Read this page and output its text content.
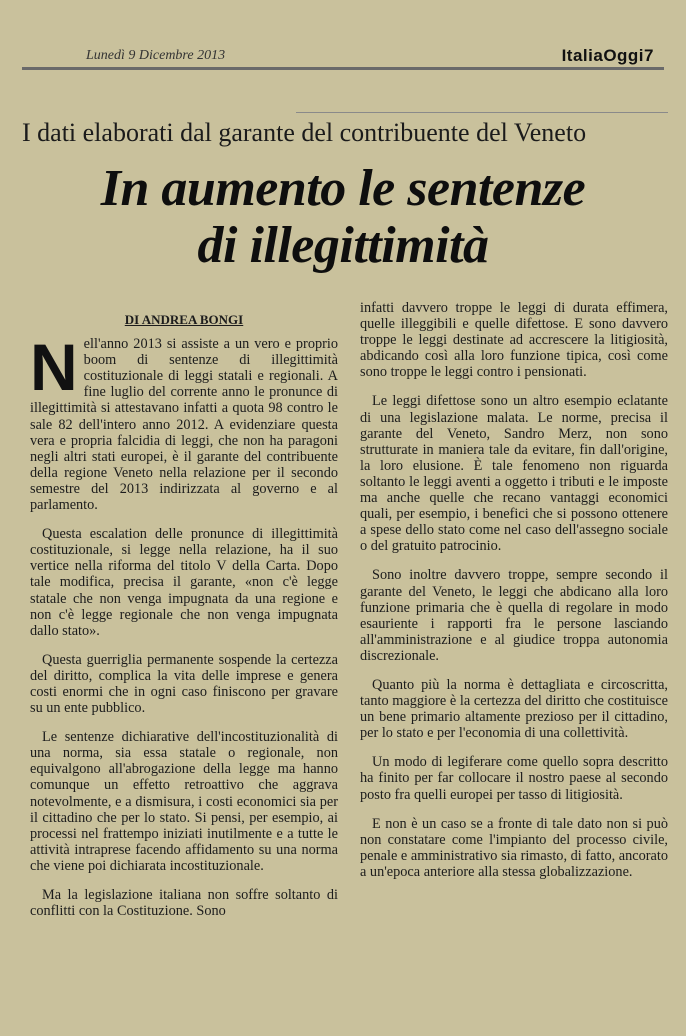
Lunedì 9 Dicembre 2013	ItaliaOggi7
I dati elaborati dal garante del contribuente del Veneto
In aumento le sentenze
di illegittimità
DI ANDREA BONGI

Nell'anno 2013 si assiste a un vero e proprio boom di sentenze di illegittimità costituzionale di leggi statali e regionali. A fine luglio del corrente anno le pronunce di illegittimità si attestavano infatti a quota 98 contro le sale 82 dell'intero anno 2012. A evidenziare questa vera e propria falcidia di leggi, che non ha paragoni negli altri stati europei, è il garante del contribuente della regione Veneto nella relazione per il secondo semestre del 2013 indirizzata al governo e al parlamento.

Questa escalation delle pronunce di illegittimità costituzionale, si legge nella relazione, ha il suo vertice nella riforma del titolo V della Carta. Dopo tale modifica, precisa il garante, «non c'è legge statale che non venga impugnata da una regione e non c'è legge regionale che non venga impugnata dallo stato».

Questa guerriglia permanente sospende la certezza del diritto, complica la vita delle imprese e genera costi enormi che in ogni caso finiscono per gravare su un ente pubblico.

Le sentenze dichiarative dell'incostituzionalità di una norma, sia essa statale o regionale, non equivalgono all'abrogazione della legge ma hanno comunque un effetto retroattivo che aggrava notevolmente, e a dismisura, i costi economici sia per il cittadino che per lo stato. Si pensi, per esempio, ai processi nel frattempo iniziati inutilmente e a tutte le attività intraprese facendo affidamento su una norma che viene poi dichiarata incostituzionale.

Ma la legislazione italiana non soffre soltanto di conflitti con la Costituzione. Sono

infatti davvero troppe le leggi di durata effimera, quelle illeggibili e quelle difettose. E sono davvero troppe le leggi destinate ad accrescere la litigiosità, abdicando così alla loro funzione tipica, così come sono troppe le leggi contro i pensionati.

Le leggi difettose sono un altro esempio eclatante di una legislazione malata. Le norme, precisa il garante del Veneto, Sandro Merz, non sono strutturate in maniera tale da evitare, fin dall'origine, la loro elusione. È tale fenomeno non riguarda soltanto le leggi aventi a oggetto i tributi e le imposte ma anche quelle che recano vantaggi economici quali, per esempio, i benefici che si possono ottenere a spese dello stato come nel caso dell'assegno sociale o del gratuito patrocinio.

Sono inoltre davvero troppe, sempre secondo il garante del Veneto, le leggi che abdicano alla loro funzione primaria che è quella di regolare in modo esauriente i rapporti fra le persone lasciando all'amministrazione e al giudice troppa autonomia discrezionale.

Quanto più la norma è dettagliata e circoscritta, tanto maggiore è la certezza del diritto che costituisce un bene primario altamente prezioso per il cittadino, per lo stato e per l'economia di una collettività.

Un modo di legiferare come quello sopra descritto ha finito per far collocare il nostro paese al secondo posto fra quelli europei per tasso di litigiosità.

E non è un caso se a fronte di tale dato non si può non constatare come l'impianto del processo civile, penale e amministrativo sia rimasto, di fatto, ancorato a un'epoca anteriore alla stessa globalizzazione.
